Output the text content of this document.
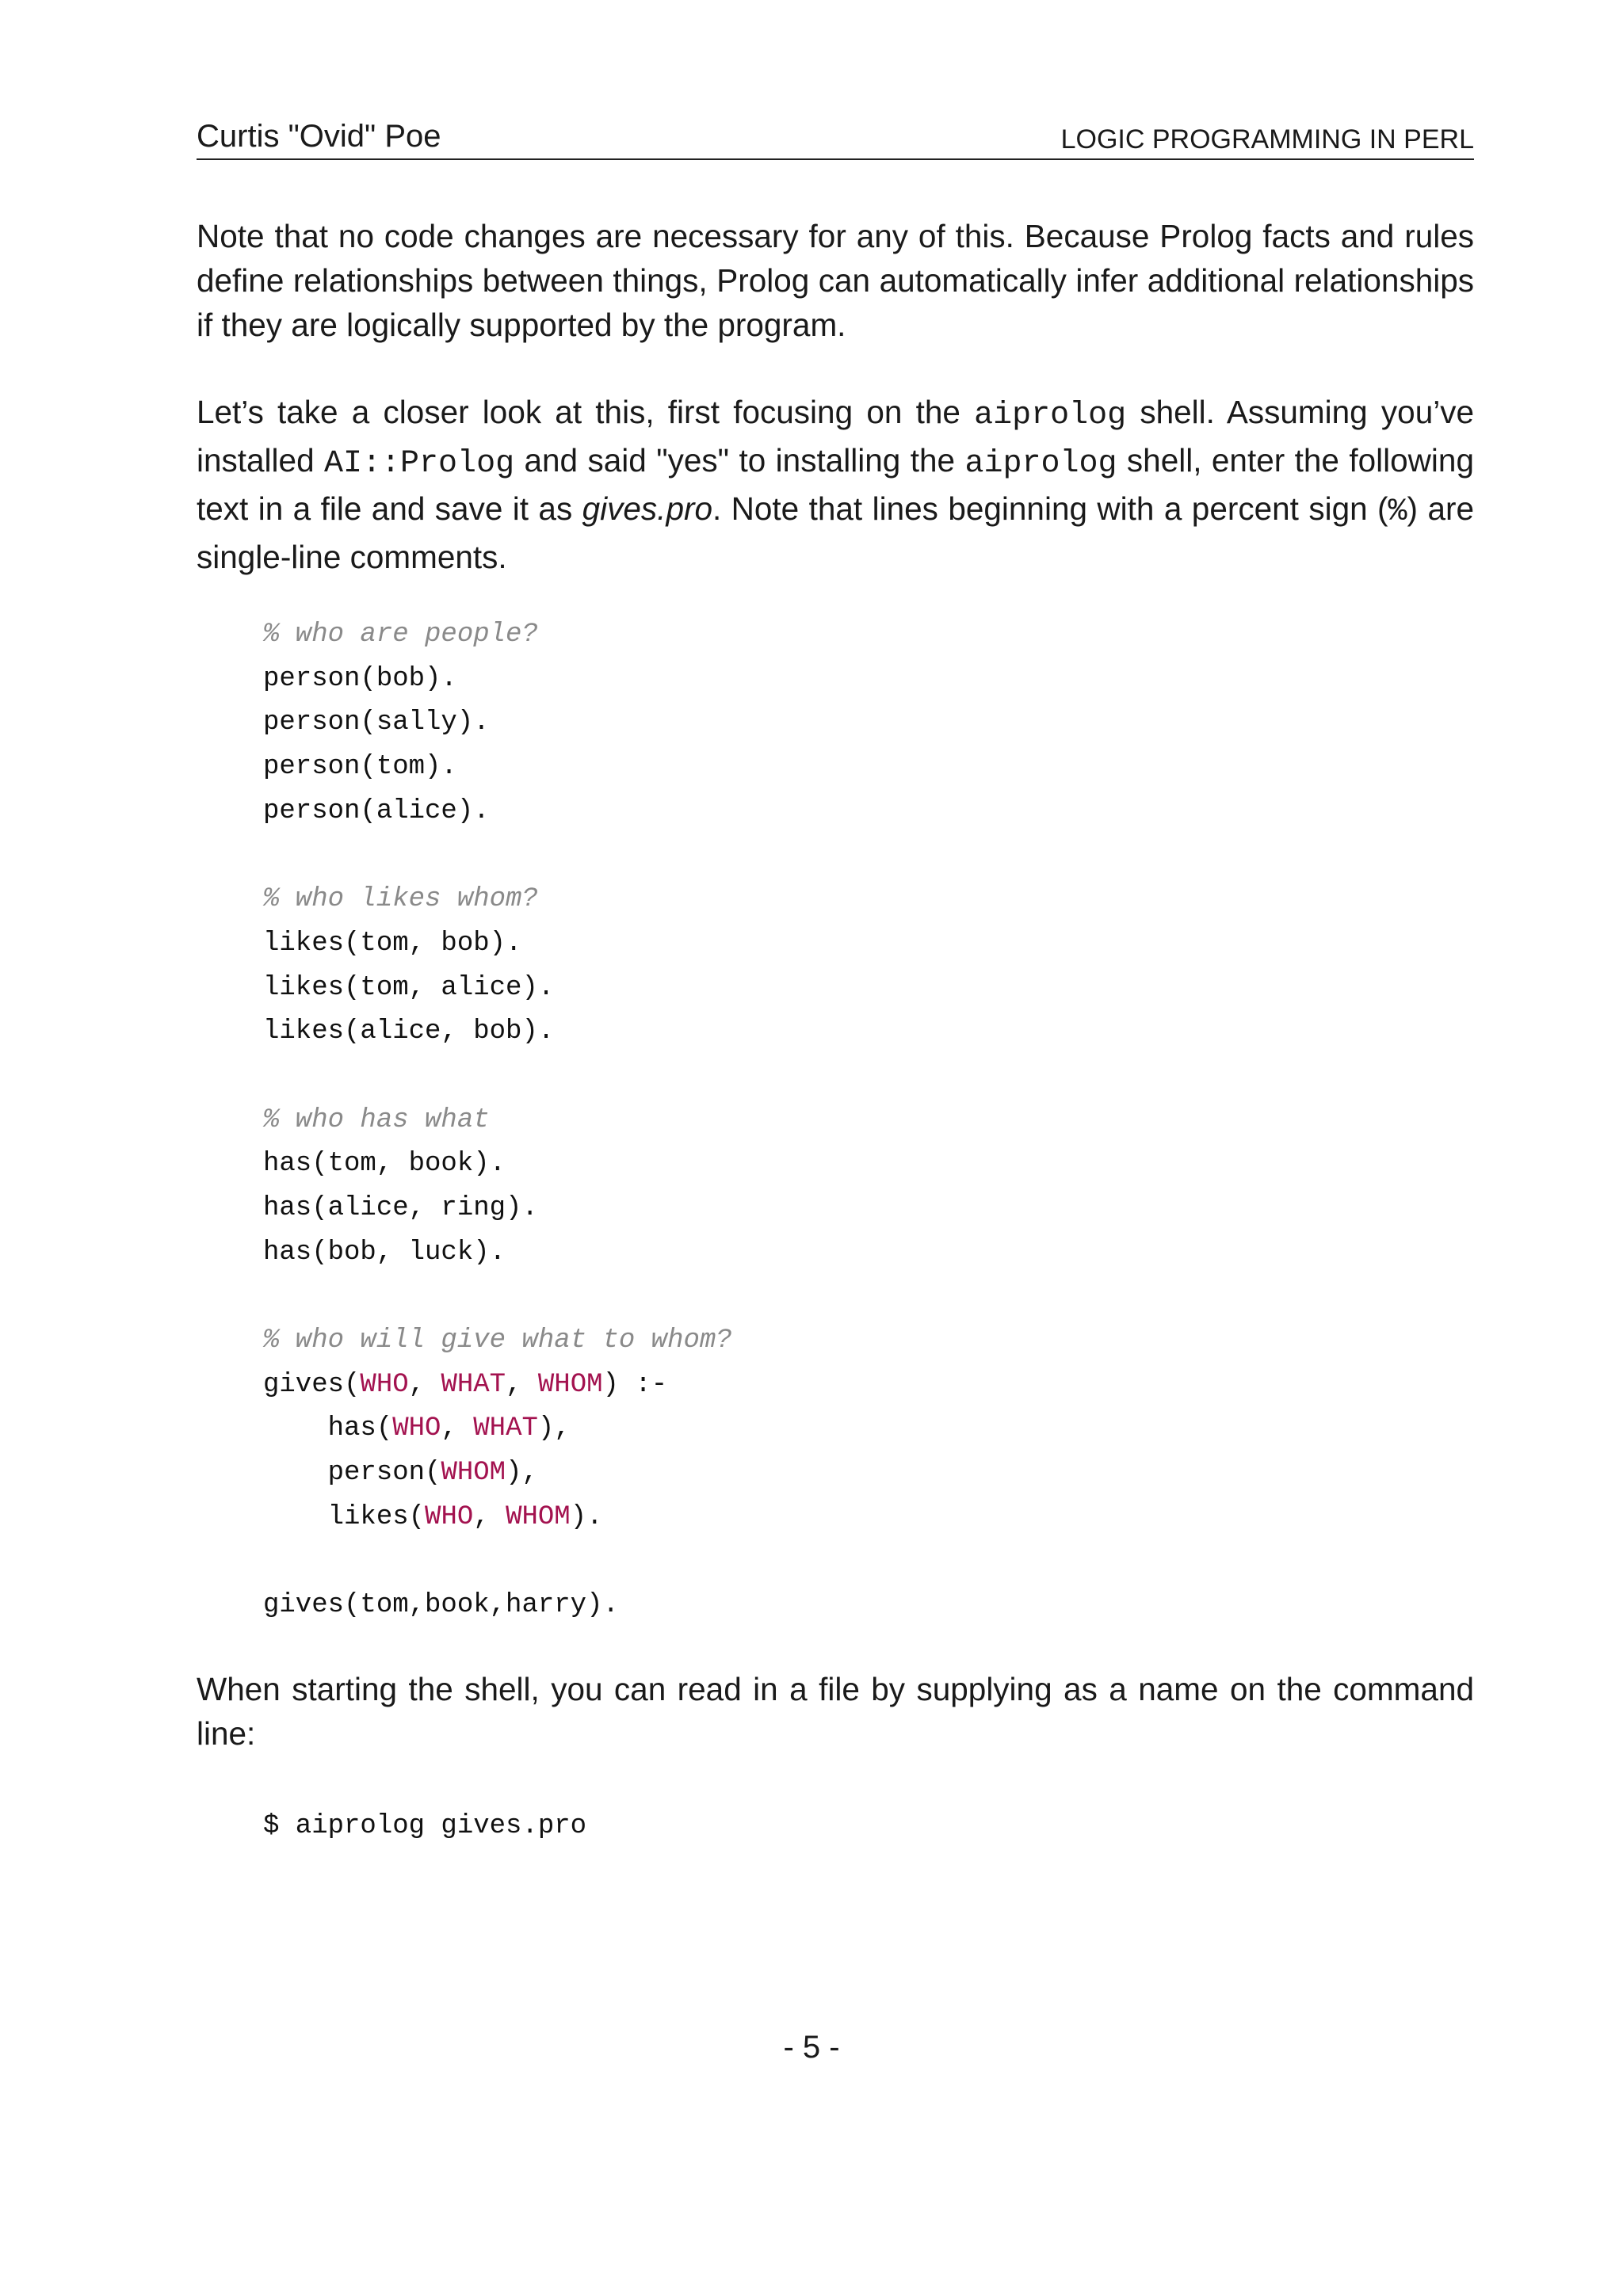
Curtis "Ovid" Poe	LOGIC PROGRAMMING IN PERL

Note that no code changes are necessary for any of this. Because Prolog facts and rules define relationships between things, Prolog can automatically infer additional relationships if they are logically supported by the program.

Let’s take a closer look at this, first focusing on the aiprolog shell. Assuming you’ve installed AI::Prolog and said "yes" to installing the aiprolog shell, enter the following text in a file and save it as gives.pro. Note that lines beginning with a percent sign (%) are single-line comments.

% who are people?
person(bob).
person(sally).
person(tom).
person(alice).
% who likes whom?
likes(tom, bob).
likes(tom, alice).
likes(alice, bob).
% who has what
has(tom, book).
has(alice, ring).
has(bob, luck).
% who will give what to whom?
gives(WHO, WHAT, WHOM) :-
has(WHO, WHAT),
person(WHOM),
likes(WHO, WHOM).
gives(tom,book,harry).

When starting the shell, you can read in a file by supplying as a name on the command line:

$ aiprolog gives.pro
- 5 -
